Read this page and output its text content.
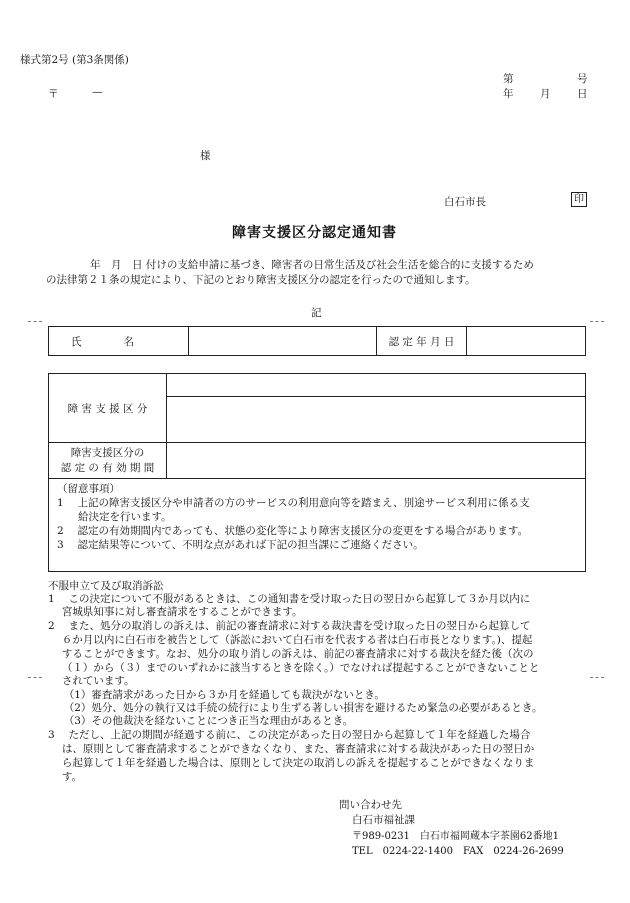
様式第2号 (第3条関係)
第	号
年	月	日
〒	—
様
白石市長	印
障害支援区分認定通知書
年　月　日 付けの支給申請に基づき、障害者の日常生活及び社会生活を総合的に支援するため
の法律第２１条の規定により、下記のとおり障害支援区分の認定を行ったので通知します。
記
氏　　　　名		認 定 年 月 日	
障 害 支 援 区 分	

障害支援区分の
認 定 の 有 効 期 間	

（留意事項）
1　 上記の障害支援区分や申請者の方のサービスの利用意向等を踏まえ、別途サービス利用に係る支
　　給決定を行います。
2　 認定の有効期間内であっても、状態の変化等により障害支援区分の変更をする場合があります。
3　 認定結果等について、不明な点があれば下記の担当課にご連絡ください。
不服申立て及び取消訴訟
1　 この決定について不服があるときは、この通知書を受け取った日の翌日から起算して３か月以内に
　 宮城県知事に対し審査請求をすることができます。
2　 また、処分の取消しの訴えは、前記の審査請求に対する裁決書を受け取った日の翌日から起算して
　 ６か月以内に白石市を被告として（訴訟において白石市を代表する者は白石市長となります。)、提起
　 することができます。なお、処分の取り消しの訴えは、前記の審査請求に対する裁決を経た後（次の
　 （１）から（３）までのいずれかに該当するときを除く。）でなければ提起することができないことと
　 されています。
　　（1）審査請求があった日から３か月を経過しても裁決がないとき。
　　（2）処分、処分の執行又は手続の続行により生ずる著しい損害を避けるため緊急の必要があるとき。
　　（3）その他裁決を経ないことにつき正当な理由があるとき。
3　 ただし、上記の期間が経過する前に、この決定があった日の翌日から起算して１年を経過した場合
　 は、原則として審査請求することができなくなり、また、審査請求に対する裁決があった日の翌日か
　 ら起算して１年を経過した場合は、原則として決定の取消しの訴えを提起することができなくなりま
　 す。
問い合わせ先
白石市福祉課
〒989-0231　白石市福岡蔵本字茶園62番地1
TEL　0224-22-1400　FAX　0224-26-2699
